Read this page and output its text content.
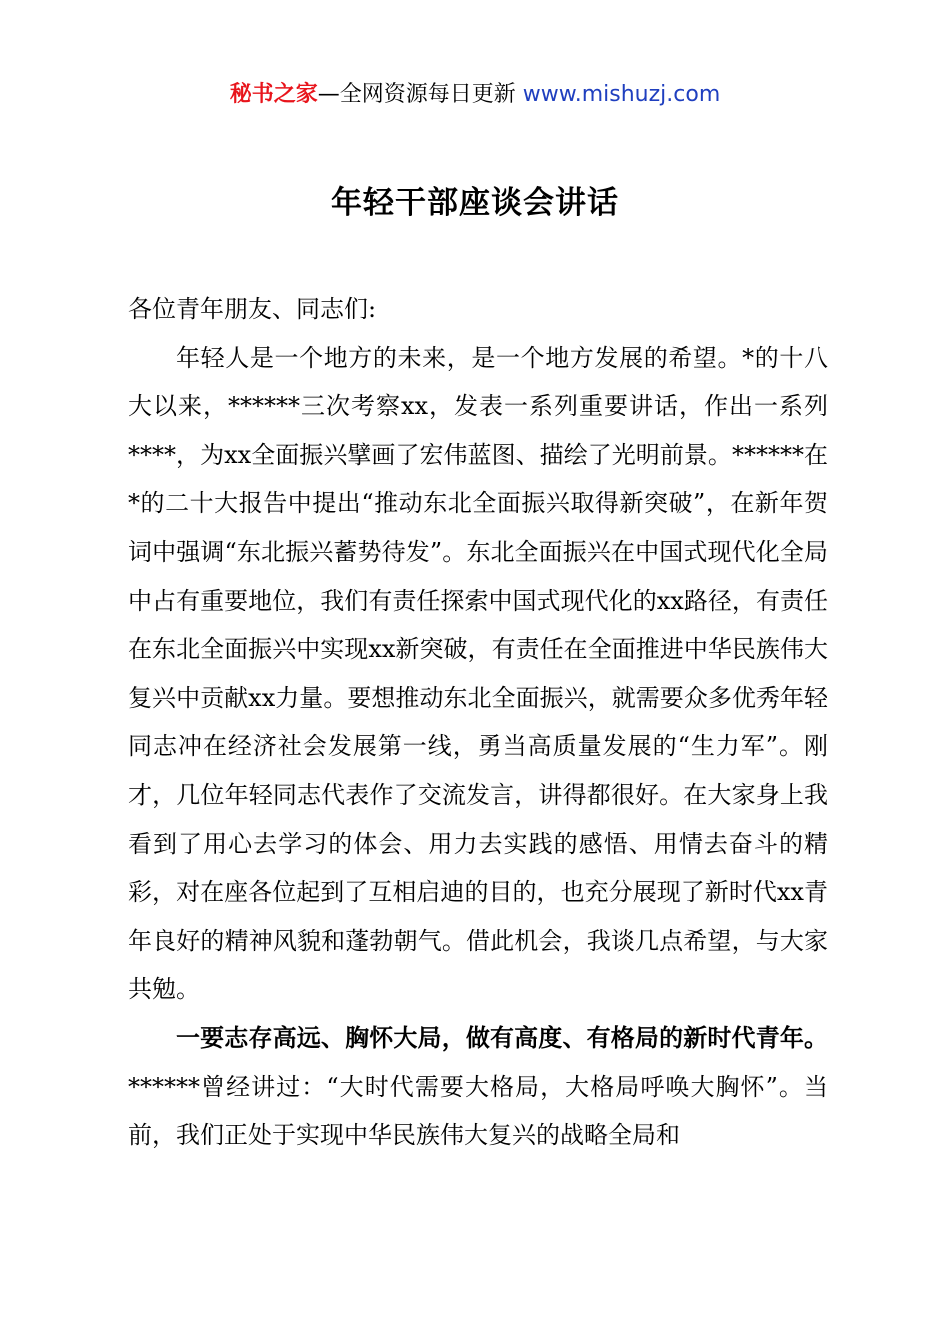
秘书之家—全网资源每日更新 www.mishuzj.com
年轻干部座谈会讲话

各位青年朋友、同志们:

年轻人是一个地方的未来，是一个地方发展的希望。*的十八大以来，******三次考察xx，发表一系列重要讲话，作出一系列****，为xx全面振兴擘画了宏伟蓝图、描绘了光明前景。******在*的二十大报告中提出“推动东北全面振兴取得新突破”，在新年贺词中强调“东北振兴蓄势待发”。东北全面振兴在中国式现代化全局中占有重要地位，我们有责任探索中国式现代化的xx路径，有责任在东北全面振兴中实现xx新突破，有责任在全面推进中华民族伟大复兴中贡献xx力量。要想推动东北全面振兴，就需要众多优秀年轻同志冲在经济社会发展第一线，勇当高质量发展的“生力军”。刚才，几位年轻同志代表作了交流发言，讲得都很好。在大家身上我看到了用心去学习的体会、用力去实践的感悟、用情去奋斗的精彩，对在座各位起到了互相启迪的目的，也充分展现了新时代xx青年良好的精神风貌和蓬勃朝气。借此机会，我谈几点希望，与大家共勉。

一要志存高远、胸怀大局，做有高度、有格局的新时代青年。******曾经讲过：“大时代需要大格局，大格局呼唤大胸怀”。当前，我们正处于实现中华民族伟大复兴的战略全局和
